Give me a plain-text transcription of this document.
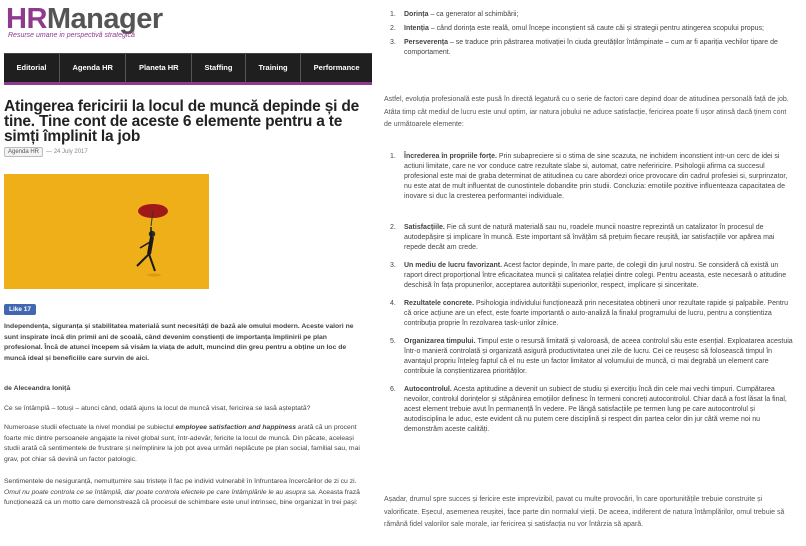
HRManager
Resurse umane in perspectivă strategică
Editorial	Agenda HR	Planeta HR	Staffing	Training	Performance
Atingerea fericirii la locul de muncă depinde și de tine. Tine cont de aceste 6 elemente pentru a te simți împlinit la job
Agenda HR	— 24 July 2017
Like 17
Independența, siguranța și stabilitatea materială sunt necesități de bază ale omului modern. Aceste valori ne sunt inspirate încă din primii ani de școală, când devenim conștienți de importanța împlinirii pe plan profesional. Încă de atunci începem să visăm la viața de adult, muncind din greu pentru a obține un loc de muncă ideal și beneficiile care survin de aici.
de Aleceandra Ioniță
Ce se întâmplă – totuși – atunci când, odată ajuns la locul de muncă visat, fericirea se lasă așteptată?
Numeroase studii efectuate la nivel mondial pe subiectul employee satisfaction and happiness arată că un procent foarte mic dintre persoanele angajate la nivel global sunt, într-adevăr, fericite la locul de muncă. Din păcate, aceleași studii arată că sentimentele de frustrare și neîmplinire la job pot avea urmări neplăcute pe plan social, familial sau, mai grav, pot chiar să devină un factor patologic.
Sentimentele de nesiguranță, nemulțumire sau tristețe îl fac pe individ vulnerabil în înfruntarea încercărilor de zi cu zi. Omul nu poate controla ce se întâmplă, dar poate controla efectele pe care întâmplările le au asupra sa. Aceasta frază funcționează ca un motto care demonstrează că procesul de schimbare este unul intrinsec, bine organizat în trei pași:
1.	Dorința – ca generator al schimbării;
2.	Intenția – când dorința este reală, omul începe inconștient să caute căi și strategii pentru atingerea scopului propus;
3.	Perseverența – se traduce prin păstrarea motivației în ciuda greutăților întâmpinate – cum ar fi apariția vechilor tipare de comportament.
Astfel, evoluția profesională este pusă în directă legatură cu o serie de factori care depind doar de atitudinea personală față de job. Atâta timp cât mediul de lucru este unul optim, iar natura jobului ne aduce satisfacție, fericirea poate fi ușor atinsă dacă ținem cont de următoarele elemente:
1.	Încrederea în propriile forțe. Prin subapreciere si o stima de sine scazuta, ne inchidem inconstient intr-un cerc de idei si actiuni limitate, care ne vor conduce catre rezultate slabe si, automat, catre neferiricire. Psihologii afirma ca succesul profesional este mai de graba determinat de atitudinea cu care abordezi orice provocare din cadrul profesiei si, surprinzator, nu este atat de mult influentat de cunostintele dobandite prin studii. Concluzia: emotiile pozitive influenteaza capacitatea de inovare si duc la cresterea performantei individuale.
2.	Satisfacțiile. Fie că sunt de natură materială sau nu, roadele muncii noastre reprezintă un catalizator în procesul de autodepășire și implicare în muncă. Este important să învățăm să prețuim fiecare reușită, iar satisfacțiile vor apărea mai repede decât am crede.
3.	Un mediu de lucru favorizant. Acest factor depinde, în mare parte, de colegii din jurul nostru. Se consideră că există un raport direct proporțional între eficacitatea muncii și calitatea relației dintre colegi. Pentru aceasta, este necesară o atitudine deschisă în fața propunerilor, acceptarea autorității superiorilor, respect, implicare și sinceritate.
4.	Rezultatele concrete. Psihologia individului funcționează prin necesitatea obținerii unor rezultate rapide și palpabile. Pentru că orice acțiune are un efect, este foarte importantă o auto-analiză la finalul programului de lucru, pentru a conștientiza contribuția proprie în rezolvarea task-urilor zilnice.
5.	Organizarea timpului. Timpul este o resursă limitată și valoroasă, de aceea controlul său este esențial. Exploatarea acestuia într-o manieră controlată și organizată asigură productivitatea unei zile de lucru. Cei ce reușesc să folosească timpul în avantajul propriu înțeleg faptul că el nu este un factor limitator al volumului de muncă, ci mai degrabă un element care contribuie la conștientizarea priorităților.
6.	Autocontrolul. Acesta aptitudine a devenit un subiect de studiu și exercițiu încă din cele mai vechi timpuri. Cumpătarea nevoilor, controlul dorințelor și stăpânirea emoțiilor definesc în termeni concreți autocontrolul. Chiar dacă a fost lăsat la final, acest element trebuie avut în permanență în vedere. Pe lângă satisfacțiile pe termen lung pe care autocontrolul și autodisciplina le aduc, este evident că nu putem cere disciplină și respect din partea celor din jur câtă vreme noi nu demonstrăm aceste calități.
Așadar, drumul spre succes și fericire este imprevizibil, pavat cu multe provocări, în care oportunitățile trebuie construite și valorificate. Eșecul, asemenea reușitei, face parte din normalul vieții. De aceea, indiferent de natura întâmplărilor, omul trebuie să rămână fidel valorilor sale morale, iar fericirea și satisfacția nu vor întârzia să apară.
